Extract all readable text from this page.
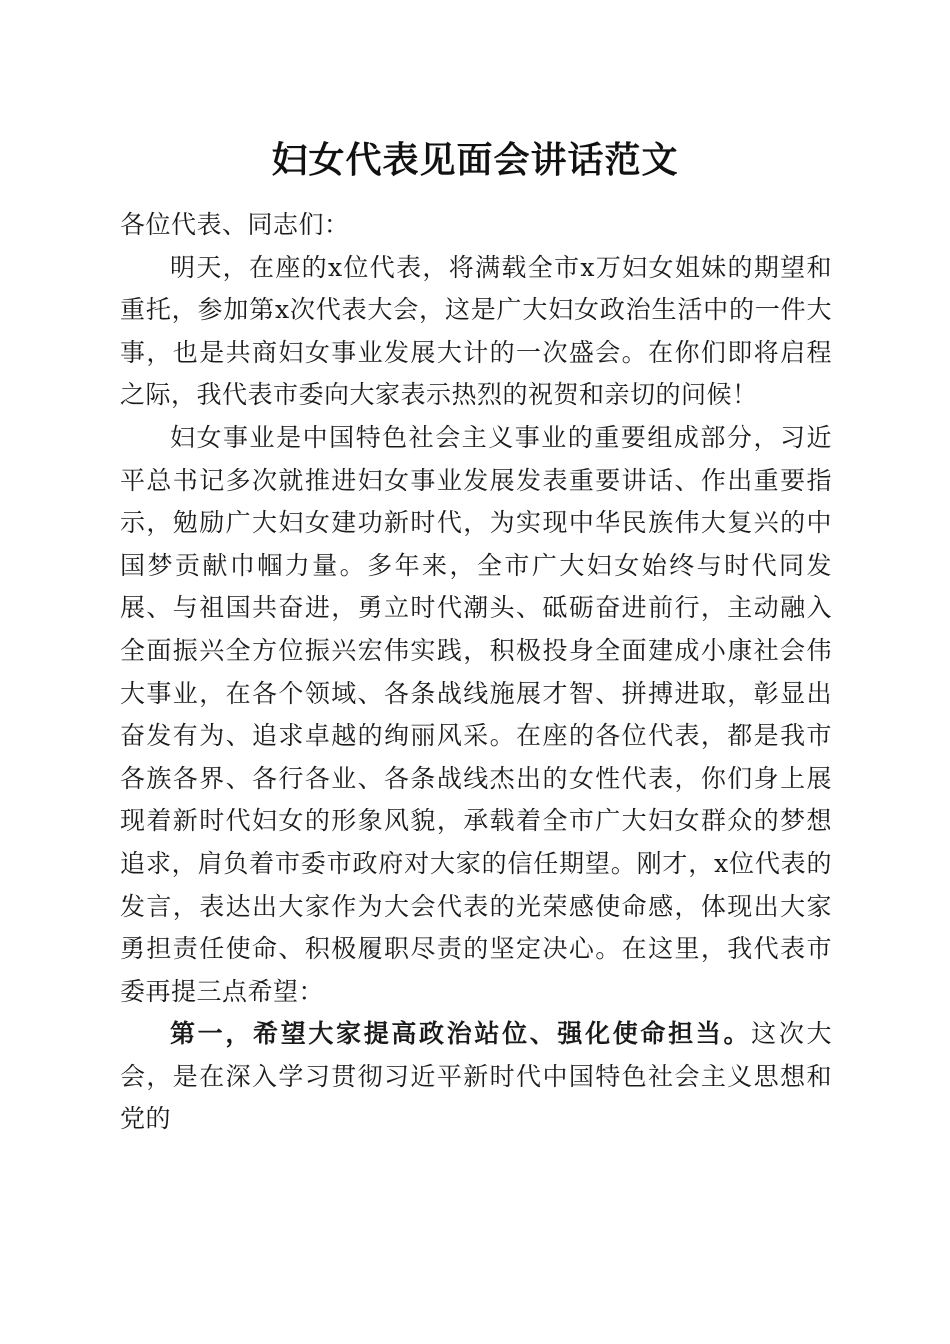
妇女代表见面会讲话范文

各位代表、同志们：

明天，在座的x位代表，将满载全市x万妇女姐妹的期望和重托，参加第x次代表大会，这是广大妇女政治生活中的一件大事，也是共商妇女事业发展大计的一次盛会。在你们即将启程之际，我代表市委向大家表示热烈的祝贺和亲切的问候！

妇女事业是中国特色社会主义事业的重要组成部分，习近平总书记多次就推进妇女事业发展发表重要讲话、作出重要指示，勉励广大妇女建功新时代，为实现中华民族伟大复兴的中国梦贡献巾帼力量。多年来，全市广大妇女始终与时代同发展、与祖国共奋进，勇立时代潮头、砥砺奋进前行，主动融入全面振兴全方位振兴宏伟实践，积极投身全面建成小康社会伟大事业，在各个领域、各条战线施展才智、拼搏进取，彰显出奋发有为、追求卓越的绚丽风采。在座的各位代表，都是我市各族各界、各行各业、各条战线杰出的女性代表，你们身上展现着新时代妇女的形象风貌，承载着全市广大妇女群众的梦想追求，肩负着市委市政府对大家的信任期望。刚才，x位代表的发言，表达出大家作为大会代表的光荣感使命感，体现出大家勇担责任使命、积极履职尽责的坚定决心。在这里，我代表市委再提三点希望：

第一，希望大家提高政治站位、强化使命担当。这次大会，是在深入学习贯彻习近平新时代中国特色社会主义思想和党的
